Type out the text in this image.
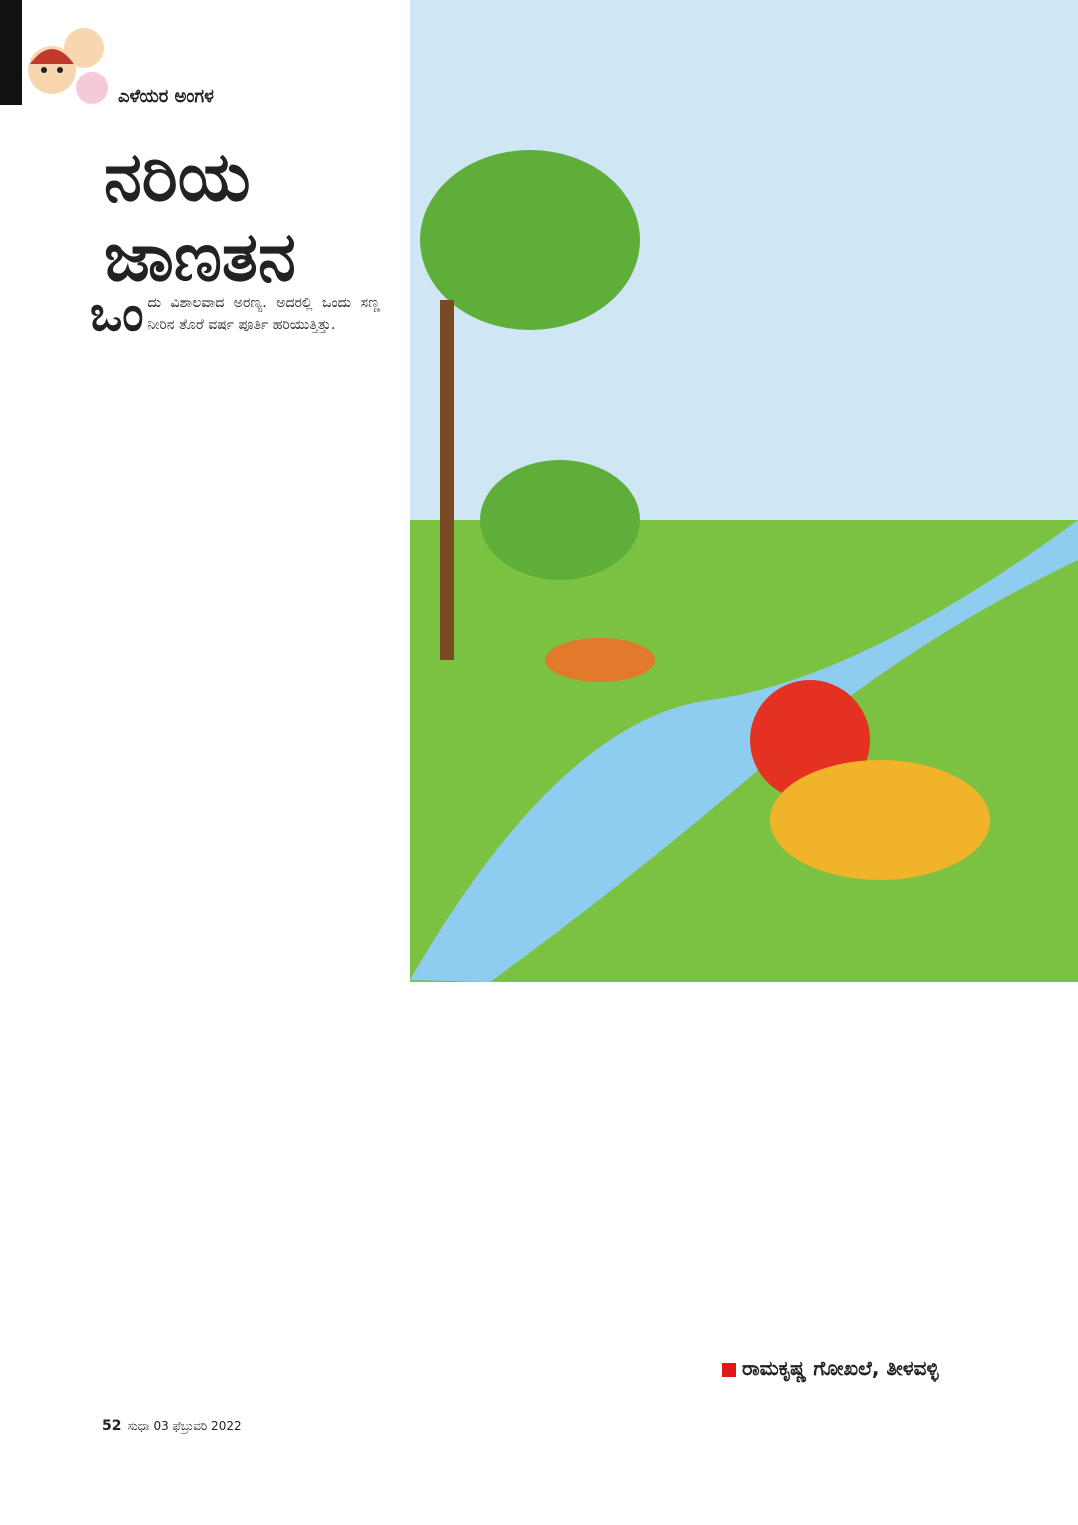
ಎಳೆಯರ ಅಂಗಳ
ನರಿಯ ಜಾಣತನ
ಒಂ ದು ವಿಶಾಲವಾದ ಅರಣ್ಯ. ಅದರಲ್ಲಿ ಒಂದು ಸಣ್ಣ ನೀರಿನ ತೊರೆ ವರ್ಷ ಪೂರ್ತಿ ಹರಿಯುತ್ತಿತ್ತು.
ರಾಮಕೃಷ್ಣ ಗೋಖಲೆ, ತೀಳವಳ್ಳಿ
52 ಸುಧಾ 03 ಫೆಬ್ರುವರಿ 2022
